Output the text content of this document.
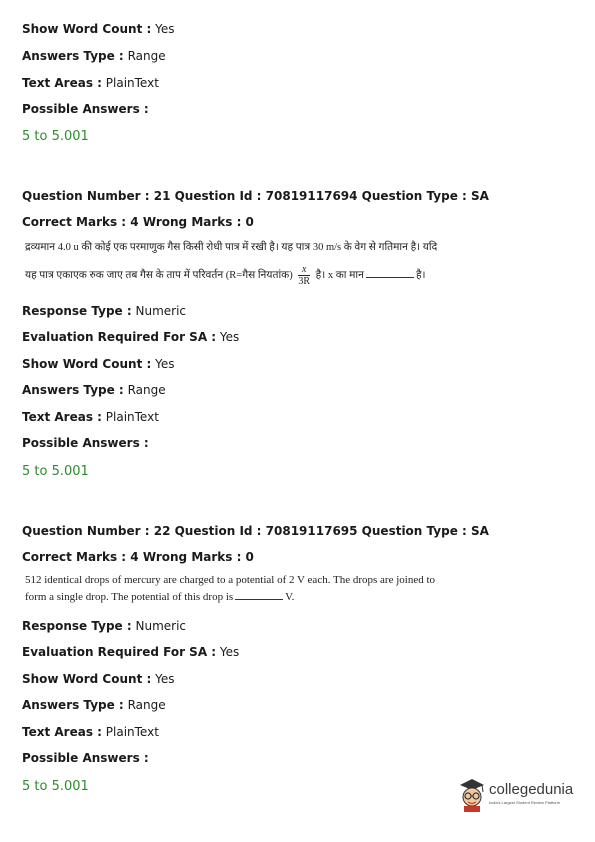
Show Word Count : Yes
Answers Type : Range
Text Areas : PlainText
Possible Answers :
5 to 5.001
Question Number : 21 Question Id : 70819117694 Question Type : SA
Correct Marks : 4 Wrong Marks : 0
द्रव्यमान 4.0 u की कोई एक परमाणुक गैस किसी रोधी पात्र में रखी है। यह पात्र 30 m/s के वेग से गतिमान है। यदि
यह पात्र एकाएक रुक जाए तब गैस के ताप में परिवर्तन (R=गैस नियतांक) $\frac{x}{3R}$ है। x का मान	है।
Response Type : Numeric
Evaluation Required For SA : Yes
Show Word Count : Yes
Answers Type : Range
Text Areas : PlainText
Possible Answers :
5 to 5.001
Question Number : 22 Question Id : 70819117695 Question Type : SA
Correct Marks : 4 Wrong Marks : 0
512 identical drops of mercury are charged to a potential of 2 V each. The drops are joined to
form a single drop. The potential of this drop is	V.
Response Type : Numeric
Evaluation Required For SA : Yes
Show Word Count : Yes
Answers Type : Range
Text Areas : PlainText
Possible Answers :
5 to 5.001	collegedunia
India's Largest Student Review Platform
